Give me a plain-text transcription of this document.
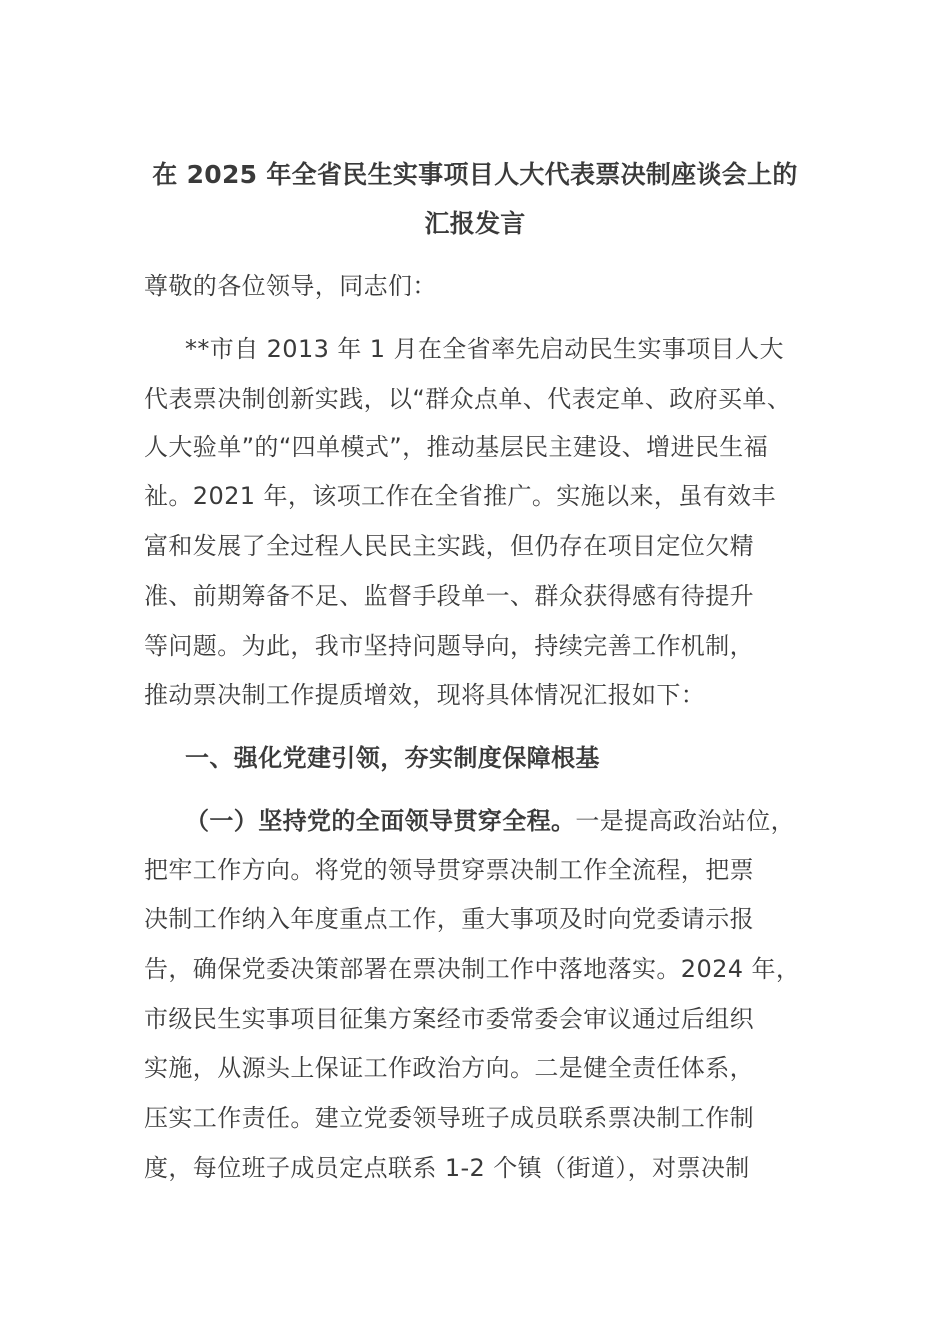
在 2025 年全省民生实事项目人大代表票决制座谈会上的
汇报发言
尊敬的各位领导，同志们：
**市自 2013 年 1 月在全省率先启动民生实事项目人大
代表票决制创新实践，以“群众点单、代表定单、政府买单、
人大验单”的“四单模式”，推动基层民主建设、增进民生福
祉。2021 年，该项工作在全省推广。实施以来，虽有效丰
富和发展了全过程人民民主实践，但仍存在项目定位欠精
准、前期筹备不足、监督手段单一、群众获得感有待提升
等问题。为此，我市坚持问题导向，持续完善工作机制，
推动票决制工作提质增效，现将具体情况汇报如下：
一、强化党建引领，夯实制度保障根基
（一）坚持党的全面领导贯穿全程。一是提高政治站位，
把牢工作方向。将党的领导贯穿票决制工作全流程，把票
决制工作纳入年度重点工作，重大事项及时向党委请示报
告，确保党委决策部署在票决制工作中落地落实。2024 年，
市级民生实事项目征集方案经市委常委会审议通过后组织
实施，从源头上保证工作政治方向。二是健全责任体系，
压实工作责任。建立党委领导班子成员联系票决制工作制
度，每位班子成员定点联系 1-2 个镇（街道），对票决制
